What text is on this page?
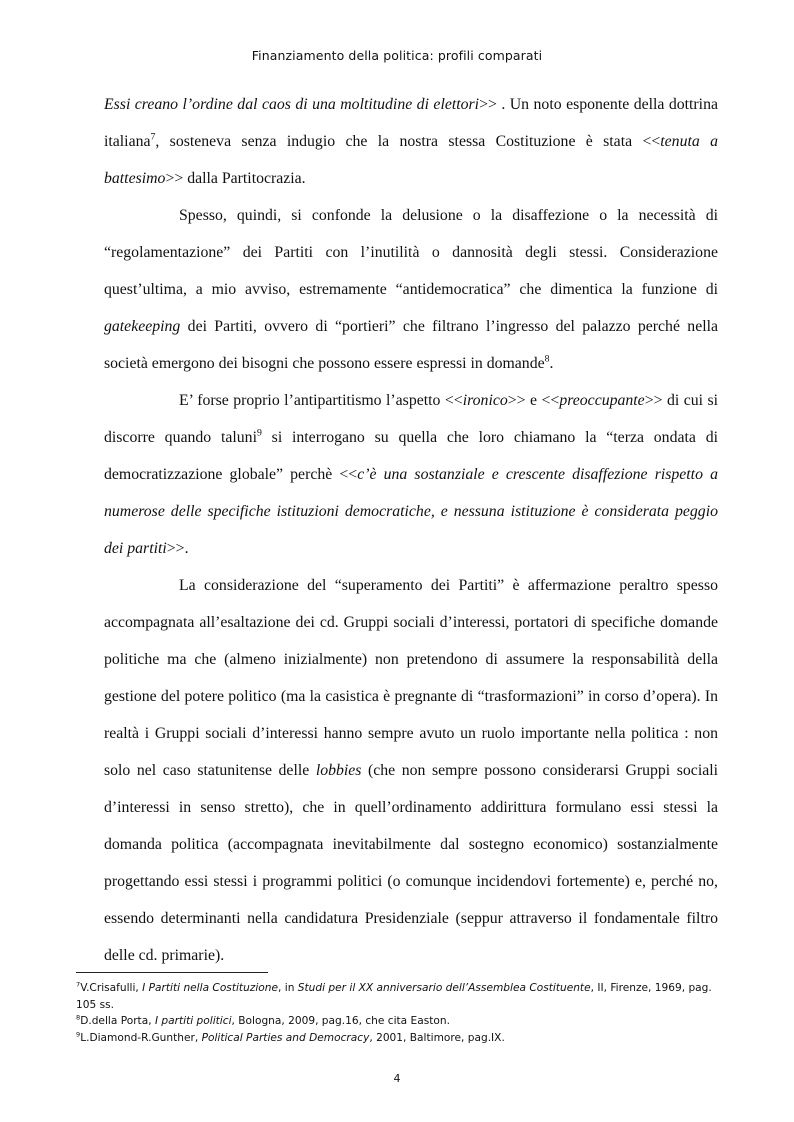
Finanziamento della politica: profili comparati

Essi creano l’ordine dal caos di una moltitudine di elettori>> . Un noto esponente della dottrina italiana$^7$, sosteneva senza indugio che la nostra stessa Costituzione è stata <<tenuta a battesimo>> dalla Partitocrazia.

Spesso, quindi, si confonde la delusione o la disaffezione o la necessità di “regolamentazione” dei Partiti con l’inutilità o dannosità degli stessi. Considerazione quest’ultima, a mio avviso, estremamente “antidemocratica” che dimentica la funzione di gatekeeping dei Partiti, ovvero di “portieri” che filtrano l’ingresso del palazzo perché nella società emergono dei bisogni che possono essere espressi in domande$^8$.

E’ forse proprio l’antipartitismo l’aspetto <<ironico>> e <<preoccupante>> di cui si discorre quando taluni$^9$ si interrogano su quella che loro chiamano la “terza ondata di democratizzazione globale” perchè <<c’è una sostanziale e crescente disaffezione rispetto a numerose delle specifiche istituzioni democratiche, e nessuna istituzione è considerata peggio dei partiti>>.

La considerazione del “superamento dei Partiti” è affermazione peraltro spesso accompagnata all’esaltazione dei cd. Gruppi sociali d’interessi, portatori di specifiche domande politiche ma che (almeno inizialmente) non pretendono di assumere la responsabilità della gestione del potere politico (ma la casistica è pregnante di “trasformazioni” in corso d’opera). In realtà i Gruppi sociali d’interessi hanno sempre avuto un ruolo importante nella politica : non solo nel caso statunitense delle lobbies (che non sempre possono considerarsi Gruppi sociali d’interessi in senso stretto), che in quell’ordinamento addirittura formulano essi stessi la domanda politica (accompagnata inevitabilmente dal sostegno economico) sostanzialmente progettando essi stessi i programmi politici (o comunque incidendovi fortemente) e, perché no, essendo determinanti nella candidatura Presidenziale (seppur attraverso il fondamentale filtro delle cd. primarie).

$^7$V.Crisafulli, I Partiti nella Costituzione, in Studi per il XX anniversario dell’Assemblea Costituente, II, Firenze, 1969, pag. 105 ss.

$^8$D.della Porta, I partiti politici, Bologna, 2009, pag.16, che cita Easton.

$^9$L.Diamond-R.Gunther, Political Parties and Democracy, 2001, Baltimore, pag.IX.

4
